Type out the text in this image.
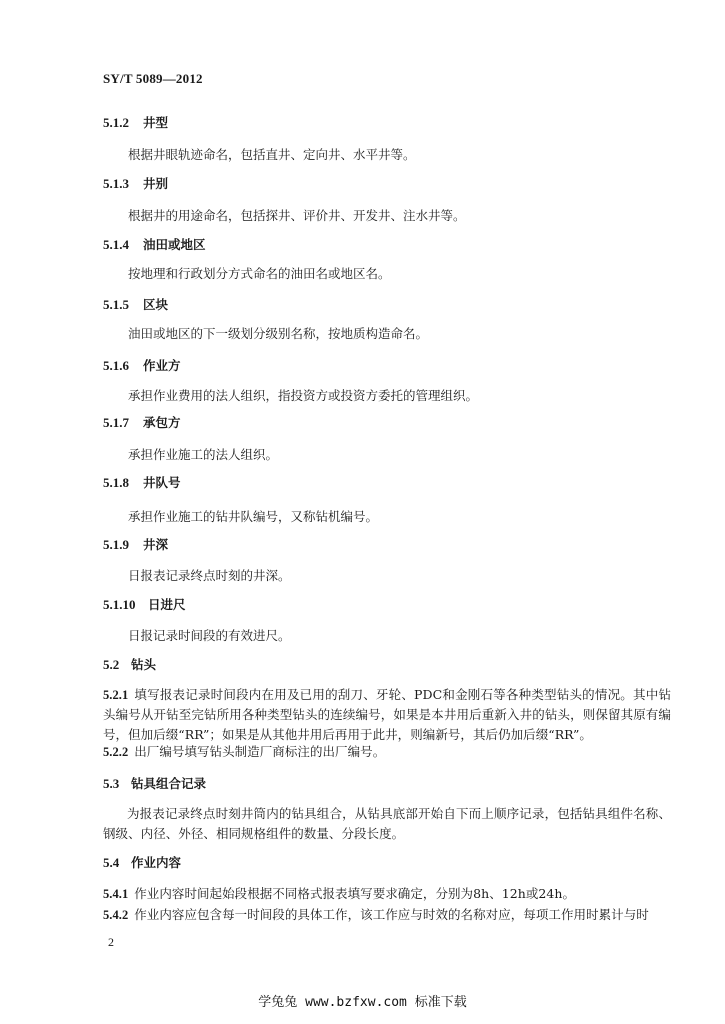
SY/T 5089—2012
5.1.2 井型
根据井眼轨迹命名，包括直井、定向井、水平井等。
5.1.3 井别
根据井的用途命名，包括探井、评价井、开发井、注水井等。
5.1.4 油田或地区
按地理和行政划分方式命名的油田名或地区名。
5.1.5 区块
油田或地区的下一级划分级别名称，按地质构造命名。
5.1.6 作业方
承担作业费用的法人组织，指投资方或投资方委托的管理组织。
5.1.7 承包方
承担作业施工的法人组织。
5.1.8 井队号
承担作业施工的钻井队编号，又称钻机编号。
5.1.9 井深
日报表记录终点时刻的井深。
5.1.10 日进尺
日报记录时间段的有效进尺。
5.2 钻头
5.2.1 填写报表记录时间段内在用及已用的刮刀、牙轮、PDC和金刚石等各种类型钻头的情况。其中钻头编号从开钻至完钻所用各种类型钻头的连续编号，如果是本井用后重新入井的钻头，则保留其原有编号，但加后缀“RR”；如果是从其他井用后再用于此井，则编新号，其后仍加后缀“RR”。
5.2.2 出厂编号填写钻头制造厂商标注的出厂编号。
5.3 钻具组合记录
为报表记录终点时刻井筒内的钻具组合，从钻具底部开始自下而上顺序记录，包括钻具组件名称、钢级、内径、外径、相同规格组件的数量、分段长度。
5.4 作业内容
5.4.1 作业内容时间起始段根据不同格式报表填写要求确定，分别为8h、12h或24h。
5.4.2 作业内容应包含每一时间段的具体工作，该工作应与时效的名称对应，每项工作用时累计与时
2
学兔兔 www.bzfxw.com 标准下载
